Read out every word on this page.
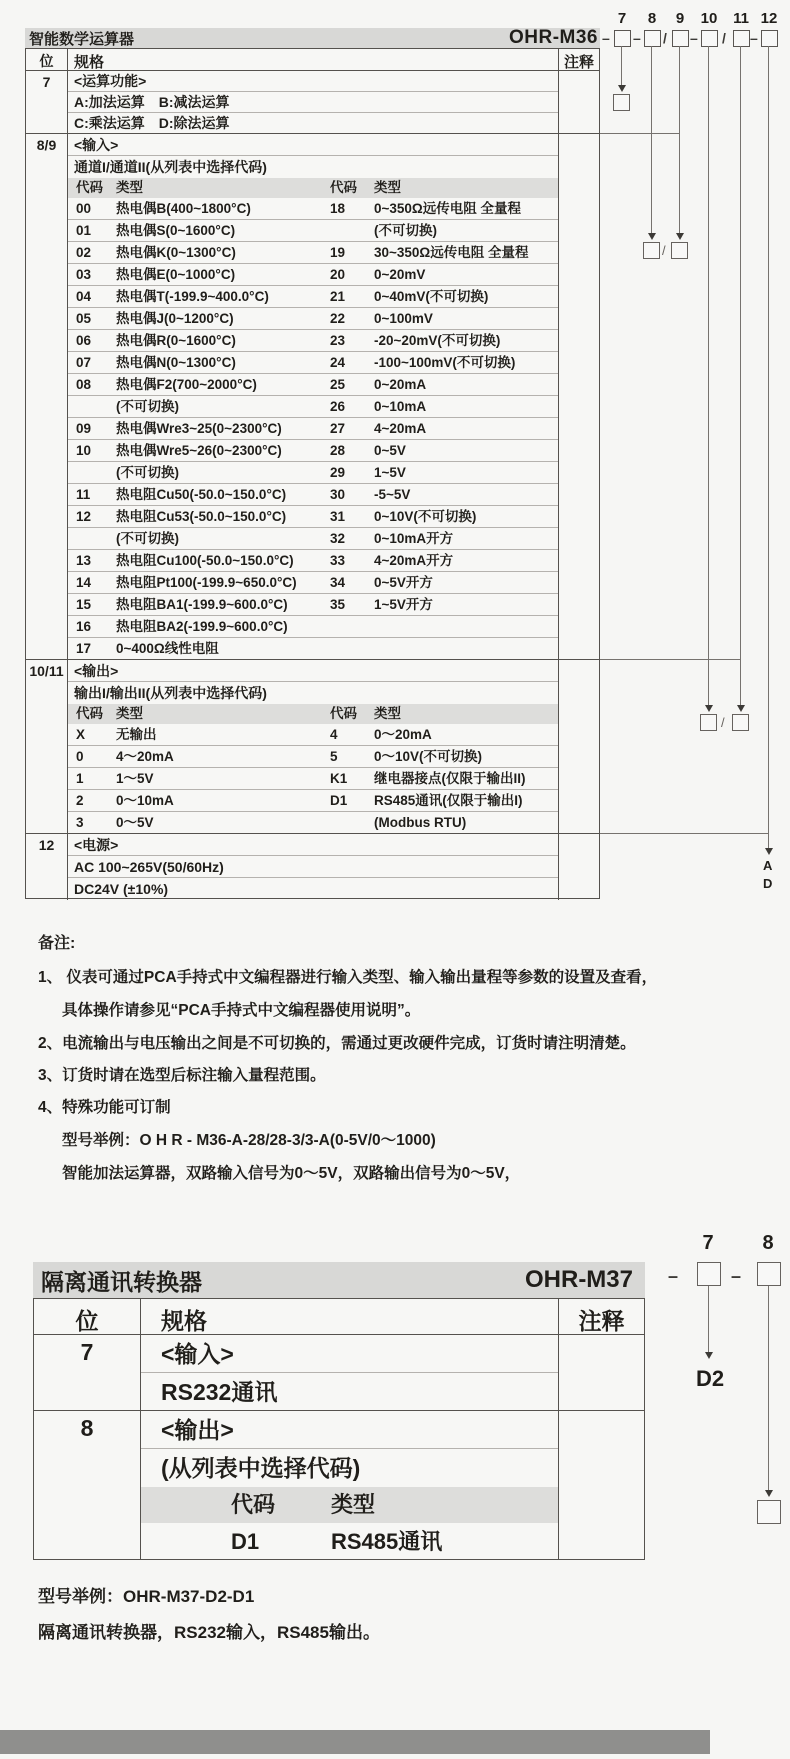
7	8	9	10	11 12
智能数学运算器	OHR-M36 – – / – / –
/
/
A
D
位	规格	注释
7	<运算功能>
A:加法运算　B:减法运算
C:乘法运算　D:除法运算
8/9	<输入>
通道I/通道II(从列表中选择代码)
代码 类型	代码 类型
00 热电偶B(400~1800°C)	18 0~350Ω远传电阻 全量程
01 热电偶S(0~1600°C)	(不可切换)
02 热电偶K(0~1300°C)	19 30~350Ω远传电阻 全量程
03 热电偶E(0~1000°C)	20 0~20mV
04 热电偶T(-199.9~400.0°C)	21 0~40mV(不可切换)
05 热电偶J(0~1200°C)	22 0~100mV
06 热电偶R(0~1600°C)	23 -20~20mV(不可切换)
07 热电偶N(0~1300°C)	24 -100~100mV(不可切换)
08 热电偶F2(700~2000°C)	25 0~20mA
(不可切换)	26 0~10mA
09 热电偶Wre3~25(0~2300°C)	27 4~20mA
10 热电偶Wre5~26(0~2300°C)	28 0~5V
(不可切换)	29 1~5V
11 热电阻Cu50(-50.0~150.0°C)	30 -5~5V
12 热电阻Cu53(-50.0~150.0°C)	31 0~10V(不可切换)
(不可切换)	32 0~10mA开方
13 热电阻Cu100(-50.0~150.0°C)	33 4~20mA开方
14 热电阻Pt100(-199.9~650.0°C) 34 0~5V开方
15 热电阻BA1(-199.9~600.0°C)	35 1~5V开方
16 热电阻BA2(-199.9~600.0°C)
17 0~400Ω线性电阻
10/11 <输出>
输出I/输出II(从列表中选择代码)
代码 类型	代码 类型
X 无输出	4	0～20mA
0 4～20mA	5	0～10V(不可切换)
1 1～5V	K1 继电器接点(仅限于输出II)
2 0～10mA	D1 RS485通讯(仅限于输出I)
3 0～5V	(Modbus RTU)
12	<电源>
AC 100~265V(50/60Hz)
DC24V (±10%)
备注:
1、 仪表可通过PCA手持式中文编程器进行输入类型、输入输出量程等参数的设置及查看，
具体操作请参见“PCA手持式中文编程器使用说明”。
2、电流输出与电压输出之间是不可切换的，需通过更改硬件完成，订货时请注明清楚。
3、订货时请在选型后标注输入量程范围。
4、特殊功能可订制
型号举例：O H R - M36-A-28/28-3/3-A(0-5V/0～1000)
智能加法运算器，双路输入信号为0～5V，双路输出信号为0～5V，
7	8
隔离通讯转换器	OHR-M37	–	–
D2
位	规格	注释
7	<输入>
RS232通讯
8	<输出>
(从列表中选择代码)
代码	类型
D1	RS485通讯
型号举例：OHR-M37-D2-D1
隔离通讯转换器，RS232输入，RS485输出。
